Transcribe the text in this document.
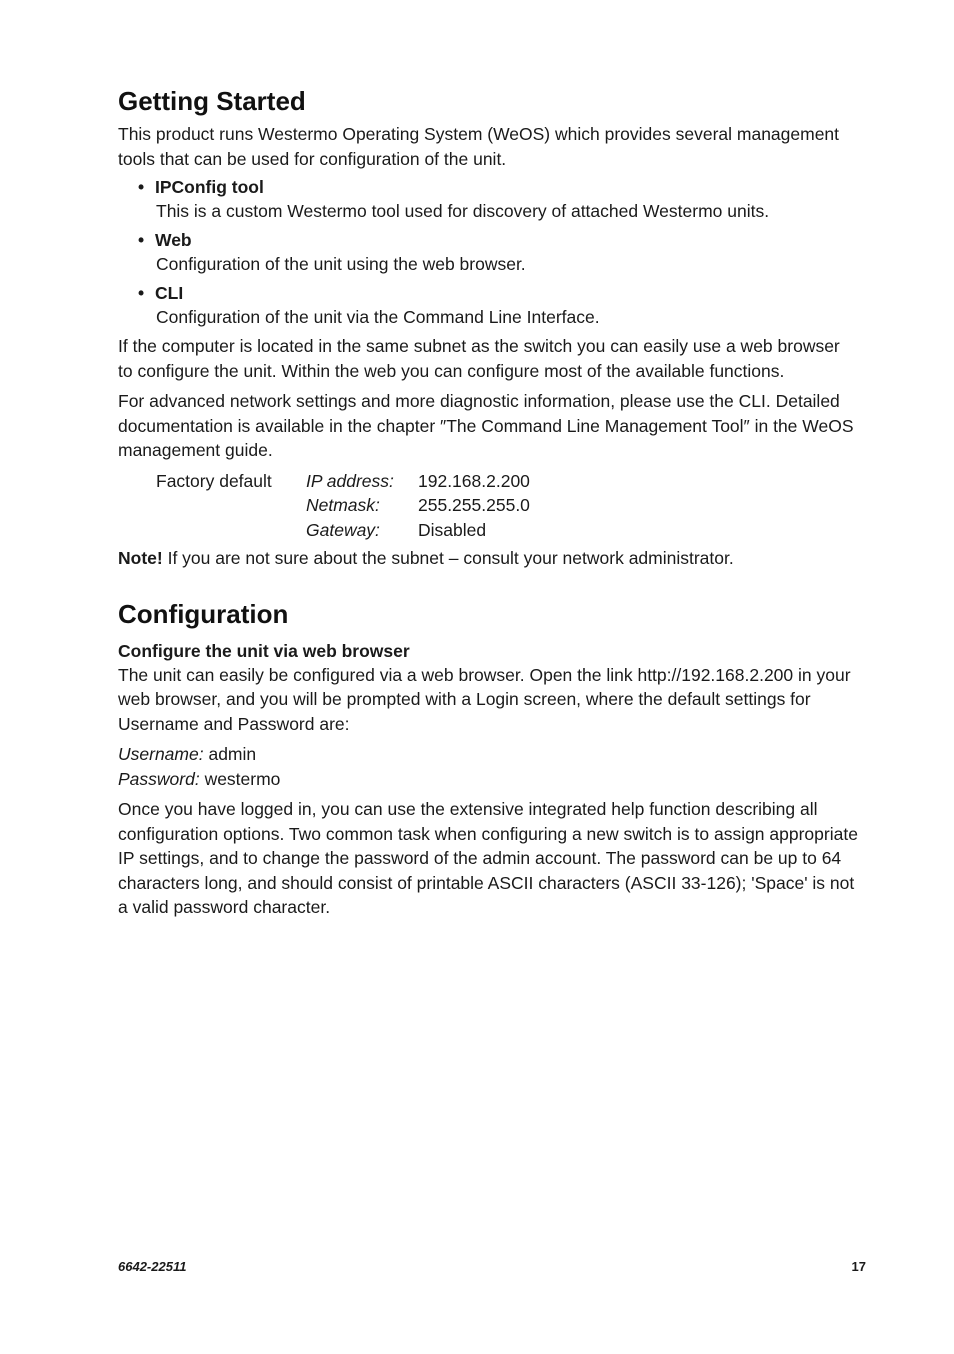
Getting Started

This product runs Westermo Operating System (WeOS) which provides several management tools that can be used for configuration of the unit.

• IPConfig tool
This is a custom Westermo tool used for discovery of attached Westermo units.
• Web
Configuration of the unit using the web browser.
• CLI
Configuration of the unit via the Command Line Interface.

If the computer is located in the same subnet as the switch you can easily use a web browser to configure the unit. Within the web you can configure most of the available functions.

For advanced network settings and more diagnostic information, please use the CLI. Detailed documentation is available in the chapter ″The Command Line Management Tool″ in the WeOS management guide.

Factory default	IP address:	192.168.2.200
Netmask:	255.255.255.0
Gateway:	Disabled

Note! If you are not sure about the subnet – consult your network administrator.

Configuration
Configure the unit via web browser

The unit can easily be configured via a web browser. Open the link http://192.168.2.200 in your web browser, and you will be prompted with a Login screen, where the default settings for Username and Password are:

Username: admin

Password: westermo

Once you have logged in, you can use the extensive integrated help function describing all configuration options. Two common task when configuring a new switch is to assign appropriate IP settings, and to change the password of the admin account. The password can be up to 64 characters long, and should consist of printable ASCII characters (ASCII 33-126); 'Space' is not a valid password character.

6642-22511	17
